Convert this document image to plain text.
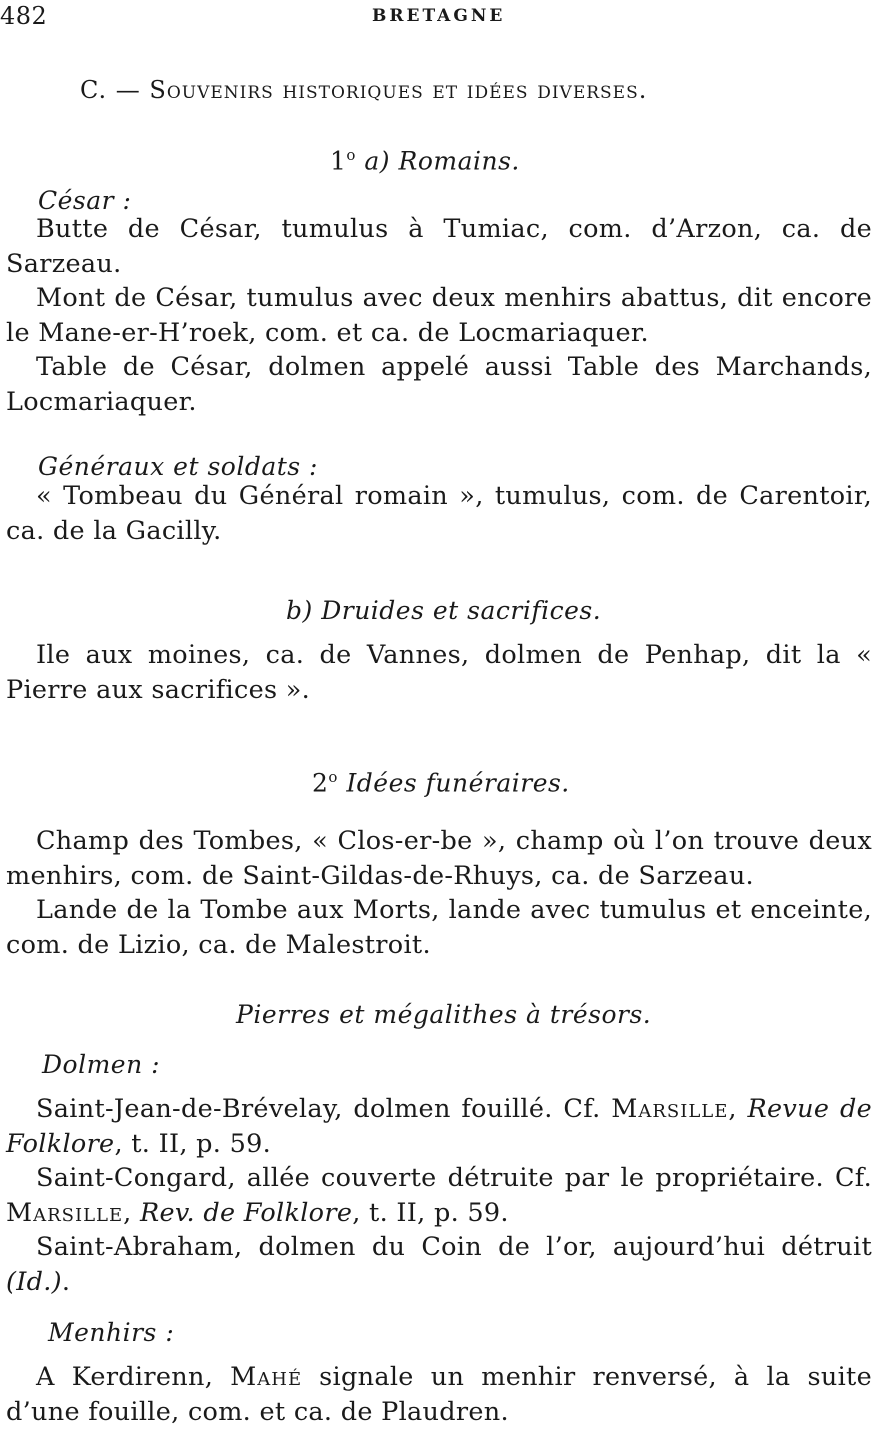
482	BRETAGNE
C. — Souvenirs historiques et idées diverses.
1$^o$ a) Romains.
César :

Butte de César, tumulus à Tumiac, com. d’Arzon, ca. de Sarzeau.

Mont de César, tumulus avec deux menhirs abattus, dit encore le Mane-er-H’roek, com. et ca. de Locmariaquer.

Table de César, dolmen appelé aussi Table des Marchands, Locmariaquer.

Généraux et soldats :

« Tombeau du Général romain », tumulus, com. de Carentoir, ca. de la Gacilly.

b) Druides et sacrifices.

Ile aux moines, ca. de Vannes, dolmen de Penhap, dit la « Pierre aux sacrifices ».

2$^o$ Idées funéraires.

Champ des Tombes, « Clos-er-be », champ où l’on trouve deux menhirs, com. de Saint-Gildas-de-Rhuys, ca. de Sarzeau.

Lande de la Tombe aux Morts, lande avec tumulus et enceinte, com. de Lizio, ca. de Malestroit.

Pierres et mégalithes à trésors.
Dolmen :

Saint-Jean-de-Brévelay, dolmen fouillé. Cf. Marsille, Revue de Folklore, t. II, p. 59.

Saint-Congard, allée couverte détruite par le propriétaire. Cf. Marsille, Rev. de Folklore, t. II, p. 59.

Saint-Abraham, dolmen du Coin de l’or, aujourd’hui détruit (Id.).

Menhirs :

A Kerdirenn, Mahé signale un menhir renversé, à la suite d’une fouille, com. et ca. de Plaudren.
